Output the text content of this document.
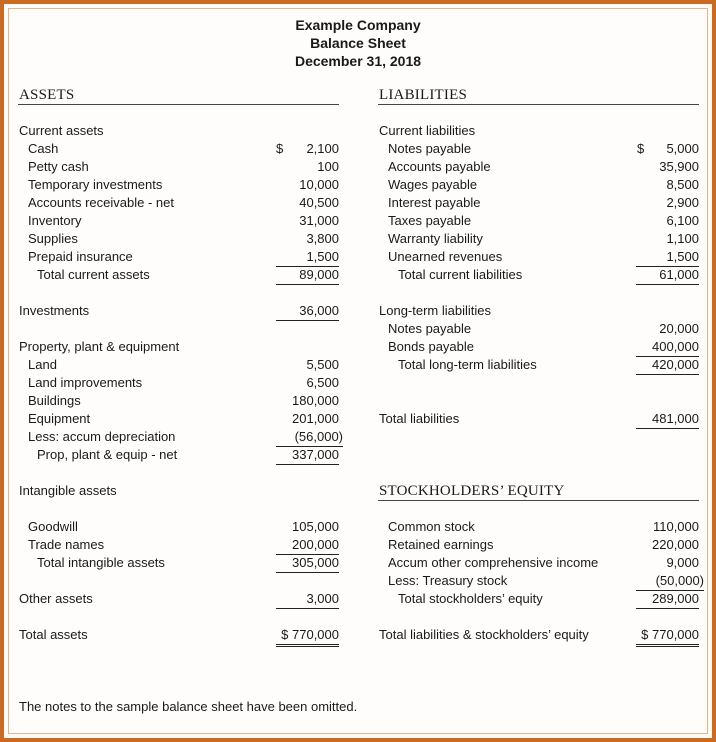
Example Company
Balance Sheet
December 31, 2018
ASSETS	LIABILITIES
Current assets
Cash	$	2,100
Petty cash	100
Temporary investments	10,000
Accounts receivable - net	40,500
Inventory	31,000
Supplies	3,800
Prepaid insurance	1,500
Total current assets	89,000
Investments	36,000
Property, plant & equipment
Land	5,500
Land improvements	6,500
Buildings	180,000
Equipment	201,000
Less: accum depreciation	(56,000)
Prop, plant & equip - net	337,000
Intangible assets
Goodwill	105,000
Trade names	200,000
Total intangible assets	305,000
Other assets	3,000
Total assets	$ 770,000
Current liabilities
Notes payable	$	5,000
Accounts payable	35,900
Wages payable	8,500
Interest payable	2,900
Taxes payable	6,100
Warranty liability	1,100
Unearned revenues	1,500
Total current liabilities	61,000
Long-term liabilities
Notes payable	20,000
Bonds payable	400,000
Total long-term liabilities	420,000
Total liabilities	481,000
STOCKHOLDERS’ EQUITY
Common stock	110,000
Retained earnings	220,000
Accum other comprehensive income	9,000
Less: Treasury stock	(50,000)
Total stockholders’ equity	289,000
Total liabilities & stockholders’ equity	$ 770,000
The notes to the sample balance sheet have been omitted.
